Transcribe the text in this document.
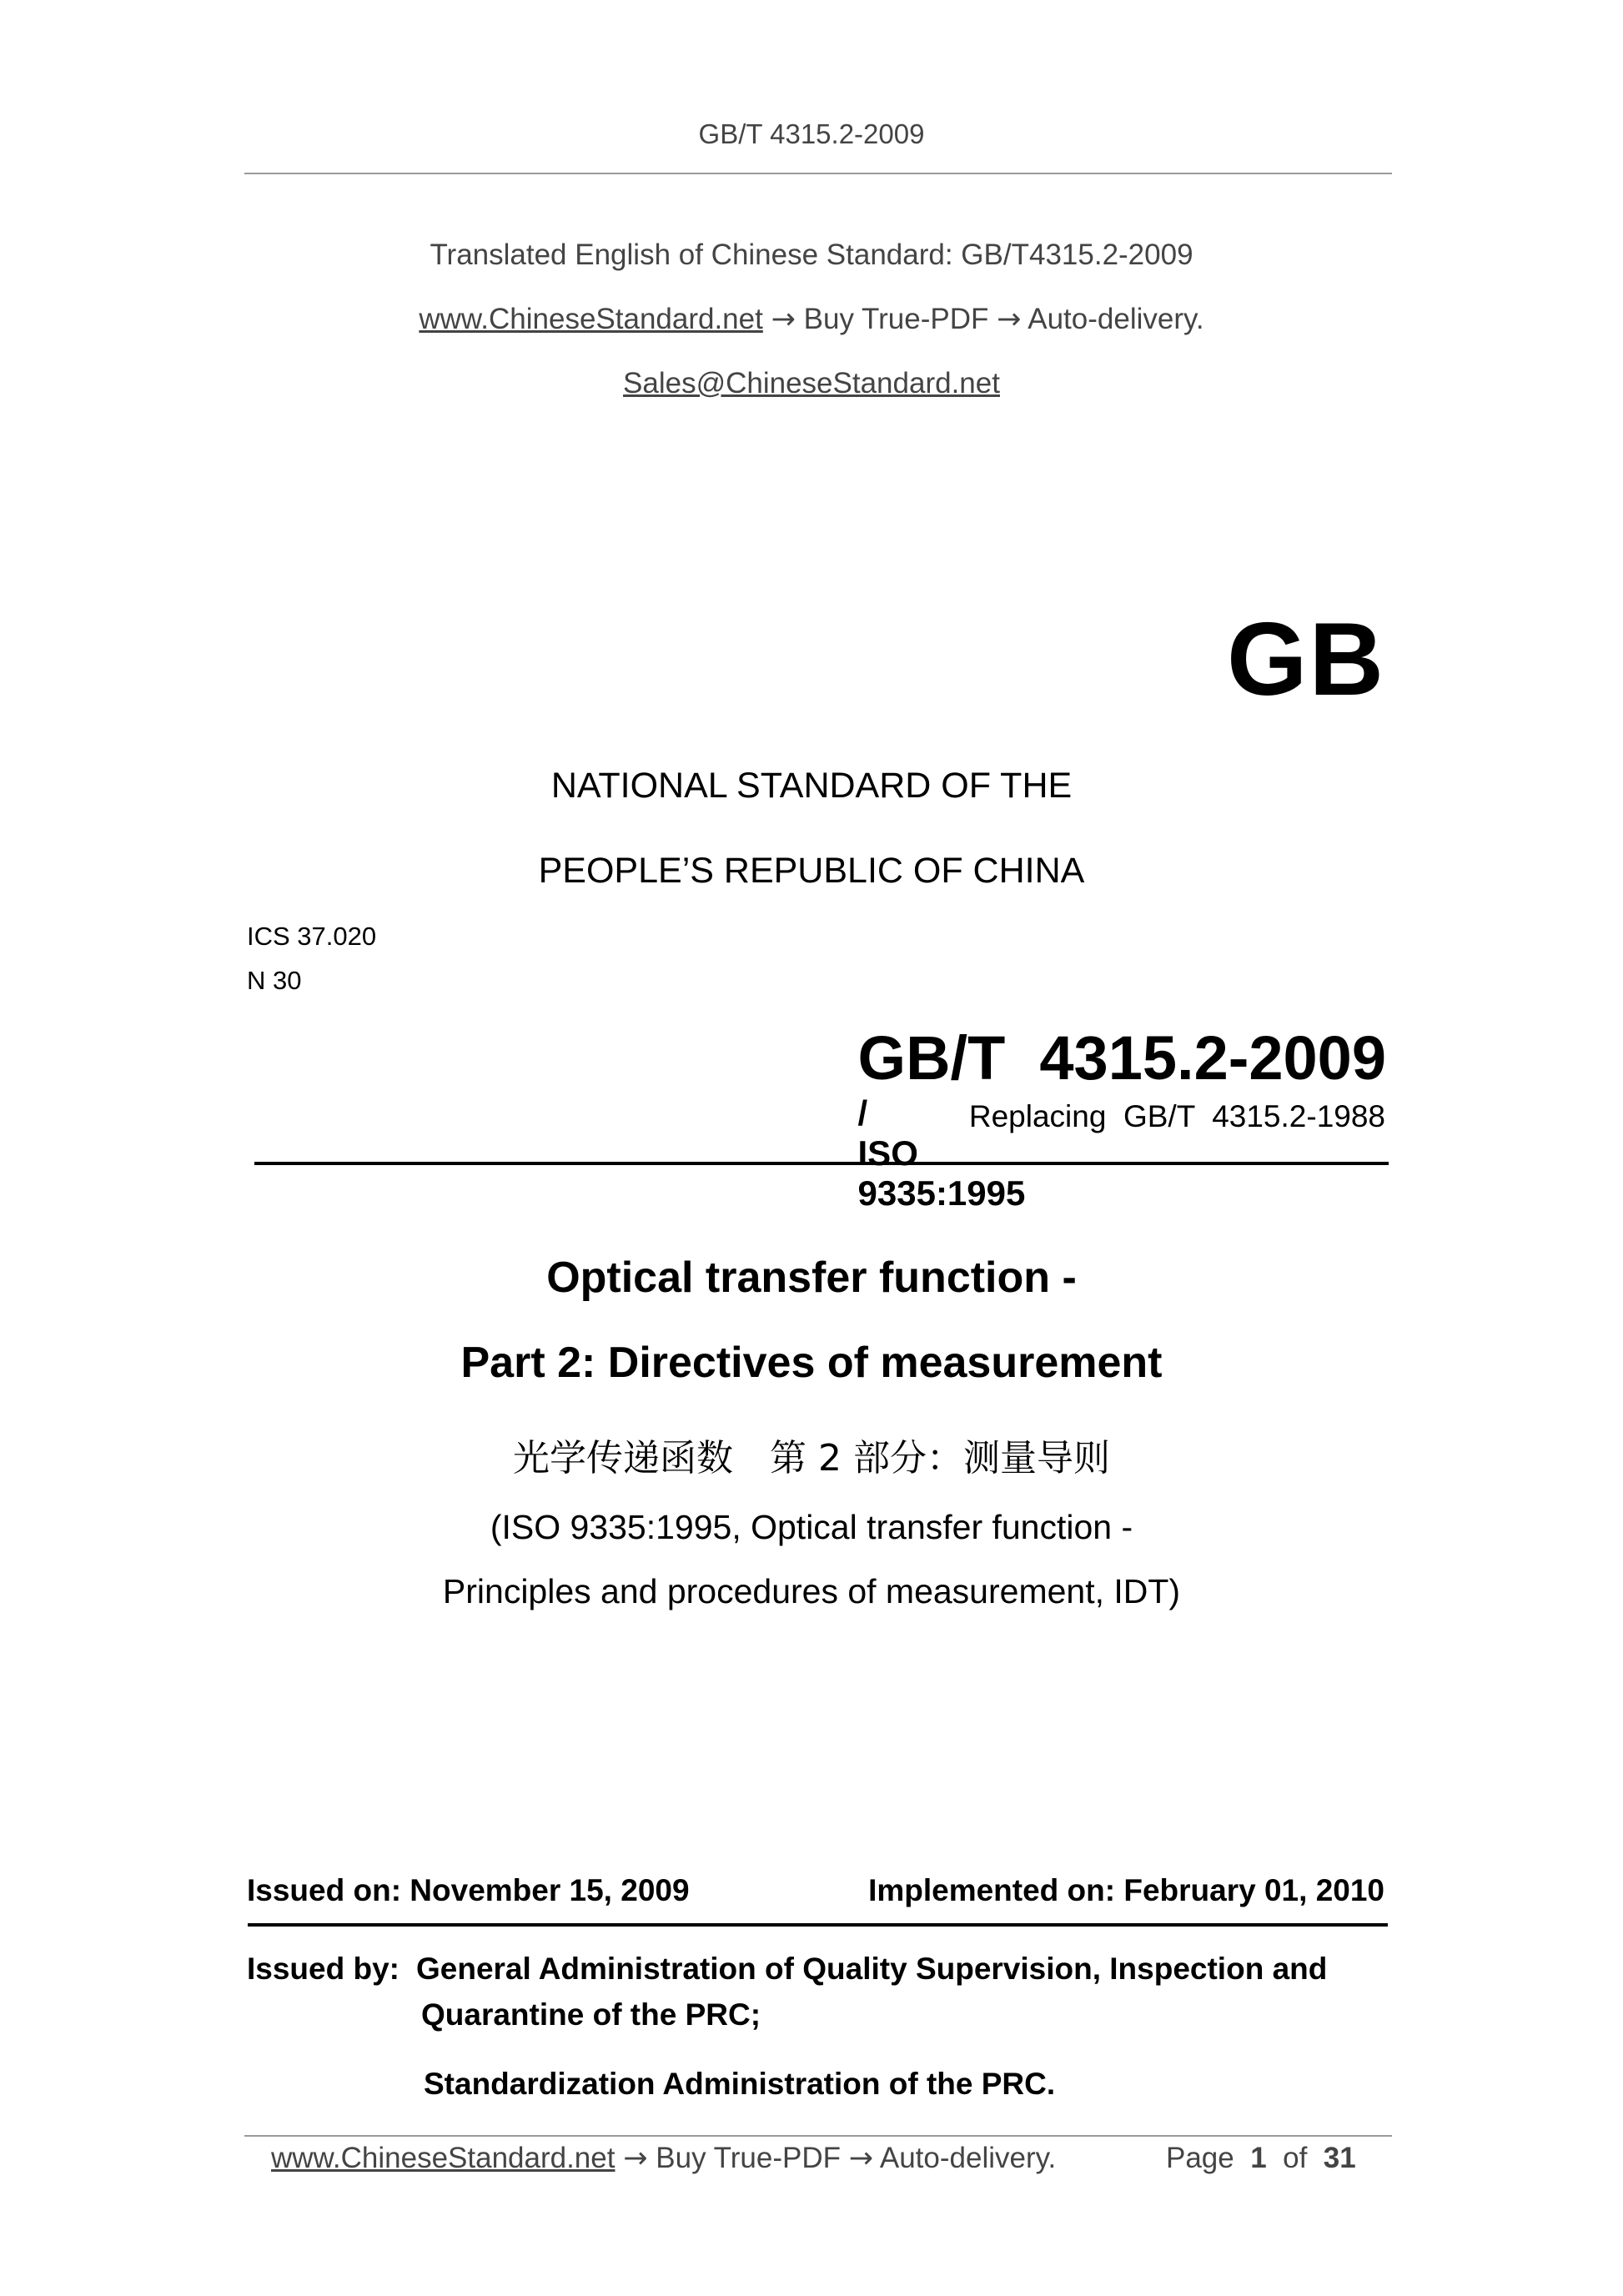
GB/T 4315.2-2009
Translated English of Chinese Standard: GB/T4315.2-2009
www.ChineseStandard.net → Buy True-PDF → Auto-delivery.
Sales@ChineseStandard.net
GB
NATIONAL STANDARD OF THE
PEOPLE’S REPUBLIC OF CHINA
ICS 37.020
N 30

GB/T  4315.2-2009
/
ISO
9335:1995

Replacing  GB/T  4315.2-1988
Optical transfer function -
Part 2: Directives of measurement
光学传递函数　第 2 部分：测量导则
(ISO 9335:1995, Optical transfer function -
Principles and procedures of measurement, IDT)
Issued on: November 15, 2009	Implemented on: February 01, 2010
Issued by: General Administration of Quality Supervision, Inspection and
Quarantine of the PRC;
Standardization Administration of the PRC.
www.ChineseStandard.net → Buy True-PDF → Auto-delivery.	Page 1 of 31
